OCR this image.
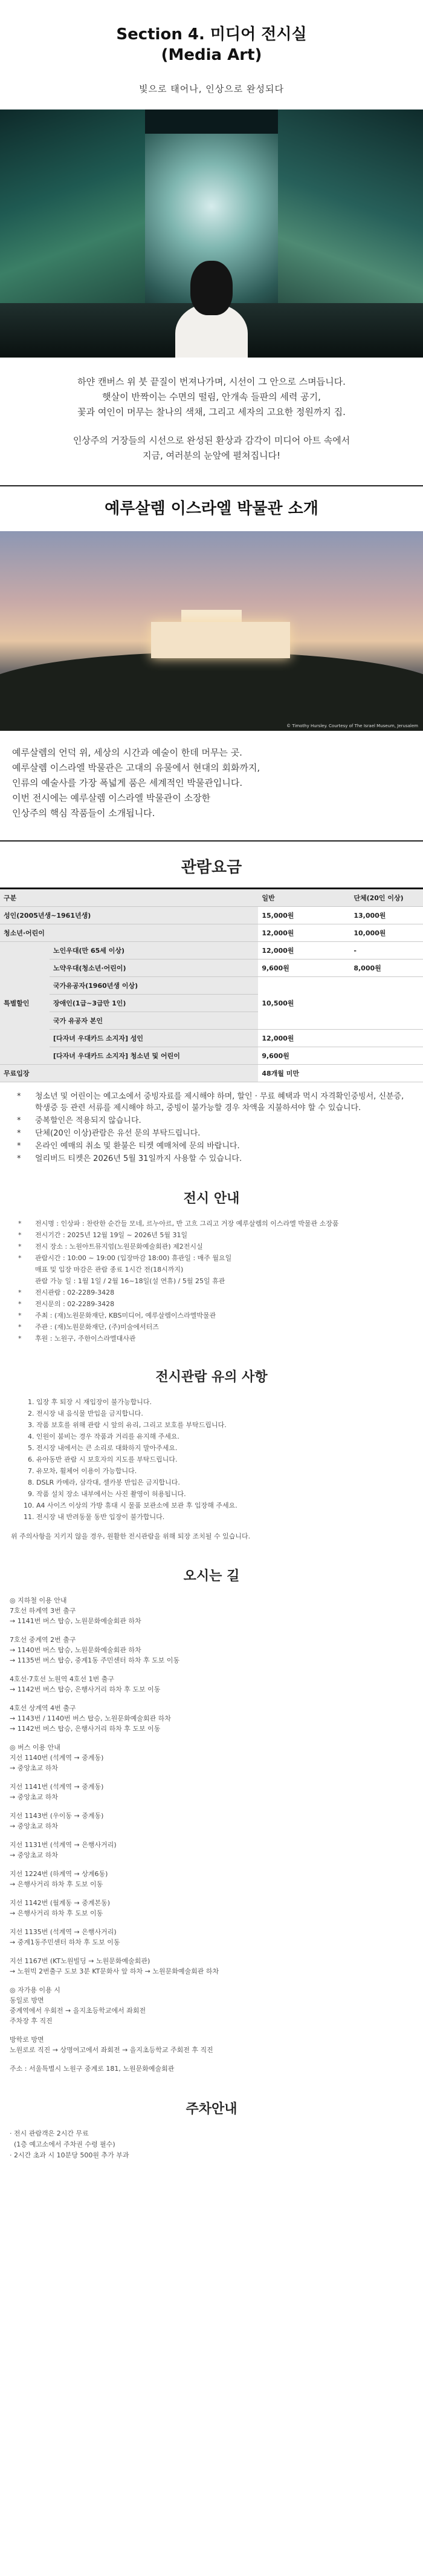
Section 4. 미디어 전시실
(Media Art)
빛으로 태어나, 인상으로 완성되다

하얀 캔버스 위 붓 끝질이 번져나가며, 시선이 그 안으로 스며듭니다.
햇살이 반짝이는 수면의 떨림, 안개속 들판의 세력 공기,
꽃과 여인이 머무는 찰나의 색채, 그리고 세자의 고요한 정원까지 집.

인상주의 거장들의 시선으로 완성된 환상과 감각이 미디어 아트 속에서
지금, 여러분의 눈앞에 펼쳐집니다!

예루살렘 이스라엘 박물관 소개
© Timothy Hursley. Courtesy of The Israel Museum, Jerusalem

예루살렘의 언덕 위, 세상의 시간과 예술이 한데 머무는 곳.
예루살렘 이스라엘 박물관은 고대의 유물에서 현대의 회화까지,
인류의 예술사를 가장 폭넓게 품은 세계적인 박물관입니다.
이번 전시에는 예루살렘 이스라엘 박물관이 소장한
인상주의 핵심 작품들이 소개됩니다.

관람요금
구분		일반	단체(20인 이상)
성인(2005년생~1961년생)		15,000원	13,000원
청소년·어린이		12,000원	10,000원
특별할인	노인우대(만 65세 이상)	12,000원	-
	노약우대(청소년·어린이)	9,600원	8,000원
	국가유공자(1960년생 이상)	10,500원	
	장애인(1급~3급만 1인)		
	국가 유공자 본인		
	[다자녀 우대카드 소지자] 성인	12,000원	
	[다자녀 우대카드 소지자] 청소년 및 어린이	9,600원	
무료입장		48개월 미만	
* 청소년 및 어린이는 예고소에서 중빙자료를 제시해야 하며, 할인 · 무료 혜택과 먹시 자격확인중빙서, 신분증, 학생증 등 관련 서류를 제시해야 하고, 중빙이 불가능할 경우 차액을 지불하셔야 할 수 있습니다.
* 중복할인은 적용되지 않습니다.
* 단체(20인 이상)관람은 유선 문의 부탁드립니다.
* 온라인 예매의 취소 및 환불은 티켓 예매처에 문의 바랍니다.
* 얼리버드 티켓은 2026년 5월 31일까지 사용할 수 있습니다.
전시 안내
* 전시명 : 인상파 : 찬란한 순간들 모네, 르누아르, 반 고흐 그리고 거장 예루살렘의 이스라엘 박물관 소장품
* 전시기간 : 2025년 12월 19일 ~ 2026년 5월 31일
* 전시 장소 : 노원아트뮤지엄(노원문화예술회관) 제2전시실
* 관람시간 : 10:00 ~ 19:00 (입장마감 18:00) 휴관일 : 매주 월요일
매표 및 입장 마감은 관람 종료 1시간 전(18시까지)
관람 가능 일 : 1월 1일 / 2월 16~18일(설 연휴) / 5월 25일 휴관
* 전시관람 : 02-2289-3428
* 전시문의 : 02-2289-3428
* 주최 : (재)노원문화재단, KBS미디어, 예루살렘이스라엘박물관
* 주관 : (재)노원문화재단, (주)미술에서터즈
* 후원 : 노원구, 주한이스라엘대사관
전시관람 유의 사항
1. 입장 후 퇴장 시 재입장이 불가능합니다.
2. 전시장 내 음식물 반입을 금지합니다.
3. 작품 보호를 위해 관람 시 앞의 유리, 그리고 보호를 부탁드립니다.
4. 인원이 붐비는 경우 작품과 거리를 유지해 주세요.
5. 전시장 내에서는 큰 소리로 대화하지 말아주세요.
6. 유아동반 관람 시 보호자의 지도를 부탁드립니다.
7. 유모차, 휠체어 이용이 가능합니다.
8. DSLR 카메라, 삼각대, 셀카봉 반입은 금지합니다.
9. 작품 설치 장소 내부에서는 사진 촬영이 허용됩니다.
10. A4 사이즈 이상의 가방 휴대 시 물품 보관소에 보관 후 입장해 주세요.
11. 전시장 내 반려동물 동반 입장이 불가합니다.

위 주의사항을 지키지 않을 경우, 원활한 전시관람을 위해 퇴장 조치될 수 있습니다.

오시는 길

◎ 지하철 이용 안내

7호선 하계역 3번 출구

→ 1141번 버스 탑승, 노원문화예술회관 하차

7호선 중계역 2번 출구

→ 1140번 버스 탑승, 노원문화예술회관 하차

→ 1135번 버스 탑승, 중계1동 주민센터 하차 후 도보 이동

4호선·7호선 노원역 4호선 1번 출구

→ 1142번 버스 탑승, 은행사거리 하차 후 도보 이동

4호선 상계역 4번 출구

→ 1143번 / 1140번 버스 탑승, 노원문화예술회관 하차

→ 1142번 버스 탑승, 은행사거리 하차 후 도보 이동

◎ 버스 이용 안내

지선 1140번 (석계역 → 중계동)

→ 중앙초교 하차

지선 1141번 (석계역 → 중계동)

→ 중앙초교 하차

지선 1143번 (우이동 → 중계동)

→ 중앙초교 하차

지선 1131번 (석계역 → 은행사거리)

→ 중앙초교 하차

지선 1224번 (하계역 → 상계6동)

→ 은행사거리 하차 후 도보 이동

지선 1142번 (월계동 → 중계본동)

→ 은행사거리 하차 후 도보 이동

지선 1135번 (석계역 → 은행사거리)

→ 중계1동주민센터 하차 후 도보 이동

지선 1167번 (KT노원빌딩 → 노원문화예술회관)

→ 노원빅 2번출구 도보 3분 KT문화사 앞 하차 → 노원문화예술회관 하차

◎ 자가용 이용 시

동일로 방면

중계역에서 우회전 → 을지초등학교에서 좌회전

주차장 후 직진

방학로 방면

노원로로 직진 → 상명여고에서 좌회전 → 을지초등학교 주회전 후 직진

주소 : 서울특별시 노원구 중계로 181, 노원문화예술회관

주차안내
· 전시 관람객은 2시간 무료
(1층 예고소에서 주차권 수령 필수)
· 2시간 초과 시 10분당 500원 추가 부과
